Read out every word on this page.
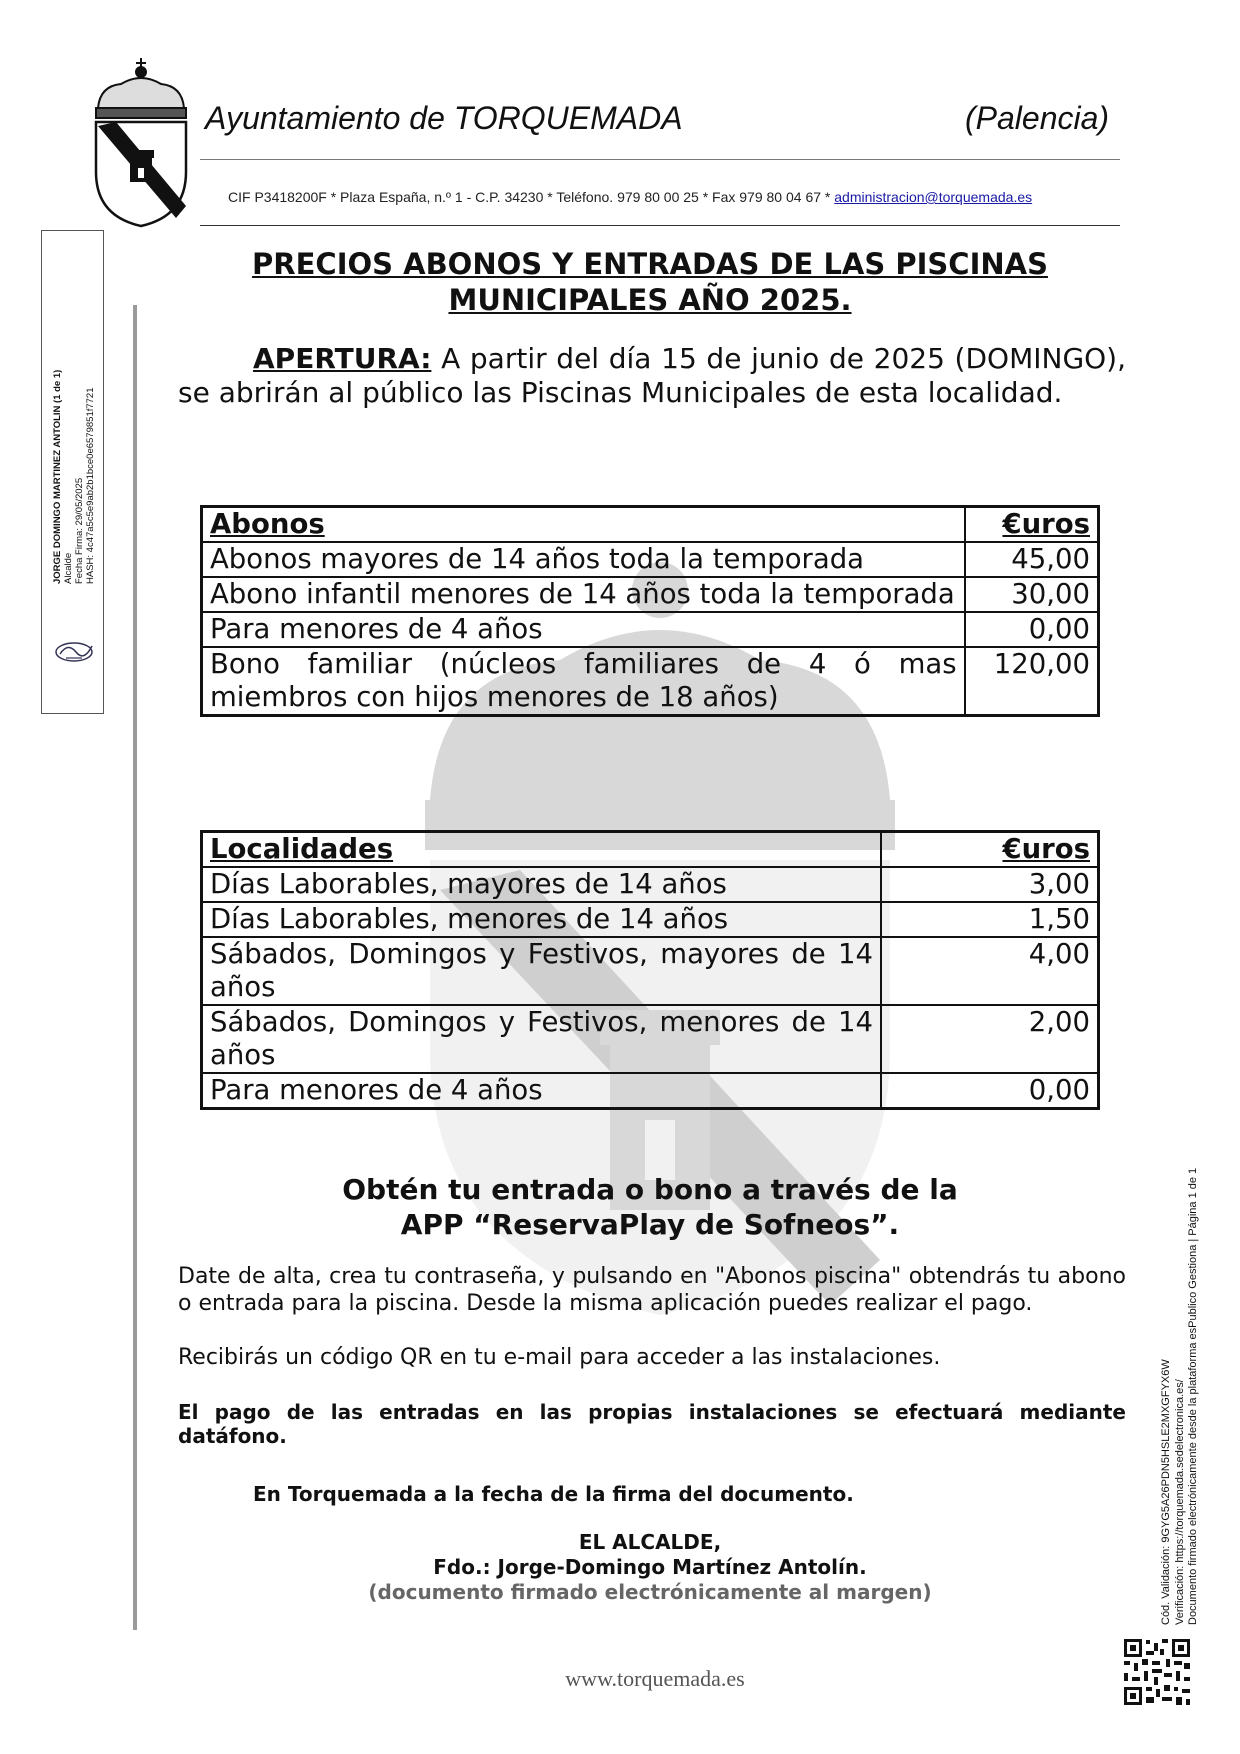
Ayuntamiento de TORQUEMADA	(Palencia)
CIF P3418200F * Plaza España, n.º 1 - C.P. 34230 * Teléfono. 979 80 00 25 * Fax 979 80 04 67 * administracion@torquemada.es
JORGE DOMINGO MARTINEZ ANTOLIN (1 de 1) Alcalde Fecha Firma: 29/05/2025 HASH: 4c47a5c5e9ab2b1bce0e6579851f7721
PRECIOS ABONOS Y ENTRADAS DE LAS PISCINAS
MUNICIPALES AÑO 2025.
APERTURA: A partir del día 15 de junio de 2025 (DOMINGO), se abrirán al público las Piscinas Municipales de esta localidad.
Abonos	€uros
Abonos mayores de 14 años toda la temporada	45,00
Abono infantil menores de 14 años toda la temporada	30,00
Para menores de 4 años	0,00
Bono familiar (núcleos familiares de 4 ó mas miembros con hijos menores de 18 años)	120,00
Localidades	€uros
Días Laborables, mayores de 14 años	3,00
Días Laborables, menores de 14 años	1,50
Sábados, Domingos y Festivos, mayores de 14 años	4,00
Sábados, Domingos y Festivos, menores de 14 años	2,00
Para menores de 4 años	0,00
Obtén tu entrada o bono a través de la
APP “ReservaPlay de Sofneos”.
Date de alta, crea tu contraseña, y pulsando en "Abonos piscina" obtendrás tu abono o entrada para la piscina. Desde la misma aplicación puedes realizar el pago.
Recibirás un código QR en tu e-mail para acceder a las instalaciones.
El pago de las entradas en las propias instalaciones se efectuará mediante datáfono.
En Torquemada a la fecha de la firma del documento.
EL ALCALDE,
Fdo.: Jorge-Domingo Martínez Antolín.
(documento firmado electrónicamente al margen)
www.torquemada.es
Cód. Validación: 9GYG5A26PDN5HSLE2MXGFYX6W Verificación: https://torquemada.sedelectronica.es/ Documento firmado electrónicamente desde la plataforma esPublico Gestiona | Página 1 de 1
